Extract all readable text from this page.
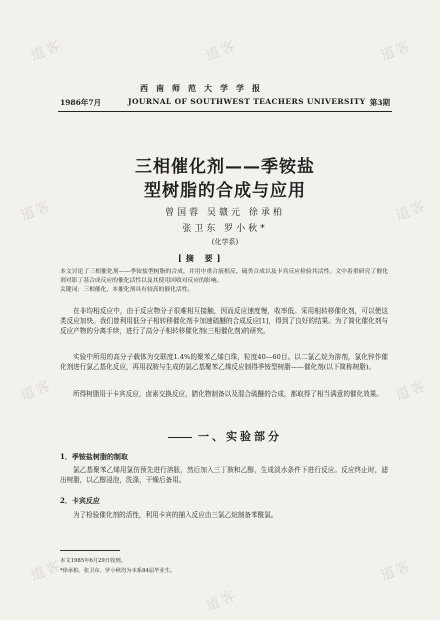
道客	道客	道客
道客	道客
道客	道客
道客
道客
道客
西南师范大学学报
1986年7月	JOURNAL OF SOUTHWEST TEACHERS UNIVERSITY 第3期
三相催化剂——季铵盐
型树脂的合成与应用
曾国蓉 吴赣元 徐承柏
张卫东 罗小秋*
(化学系)
[摘 要]
本文讨论了三相催化剂——季铵盐型树脂的合成，并用中重合液相反、硫类合成以及卡宾反应检验其活性。文中着重研究了催化剂对影了基合成反应的催化活性以及其使用回收对反应的影响。
关键词：三相催化，本催化剂具有较高的催化活性。
在非均相反应中，由于反应物分子很难相互接触，因而反应速度慢，收率低。采用相转移催化剂，可以使这类反应加快。我们曾利用低分子相转移催化剂卡加速硫醚的合成反应[1]，得到了良好的结果。为了简化催化剂与反应产物的分离手续，进行了高分子相转移催化剂(三相催化剂)的研究。
实验中所用的高分子载体为交联度1.4%的聚苯乙烯白珠，粒度40—60目。以二氯乙烷为溶剂，氯化锌作催化剂进行氯乙基化反应，再用叔胺与生成的氯乙基聚苯乙烯反应制得季铵型树脂——催化剂(以下简称树脂)。
所得树脂用于卡宾反应，卤素交换反应，腈化物制备以及混合硫醚的合成，都取得了相当满意的催化效果。
一、实验部分
1．季铵盐树脂的制取
氯乙基聚苯乙烯用氯仿预先进行溶胀，然后加入三丁胺和乙醇，生成淡水条件下进行反应。反应终止时，滤出树脂，以乙醇浸泡，洗涤，干燥后备用。
2．卡宾反应
为了检验催化剂的活性，利用卡宾的捕入反应由三氯乙烷制备苯酰氯。
本文1985年6月29日收到。
*徐承柏、张卫东、罗小秋均为本系84届毕业生。
